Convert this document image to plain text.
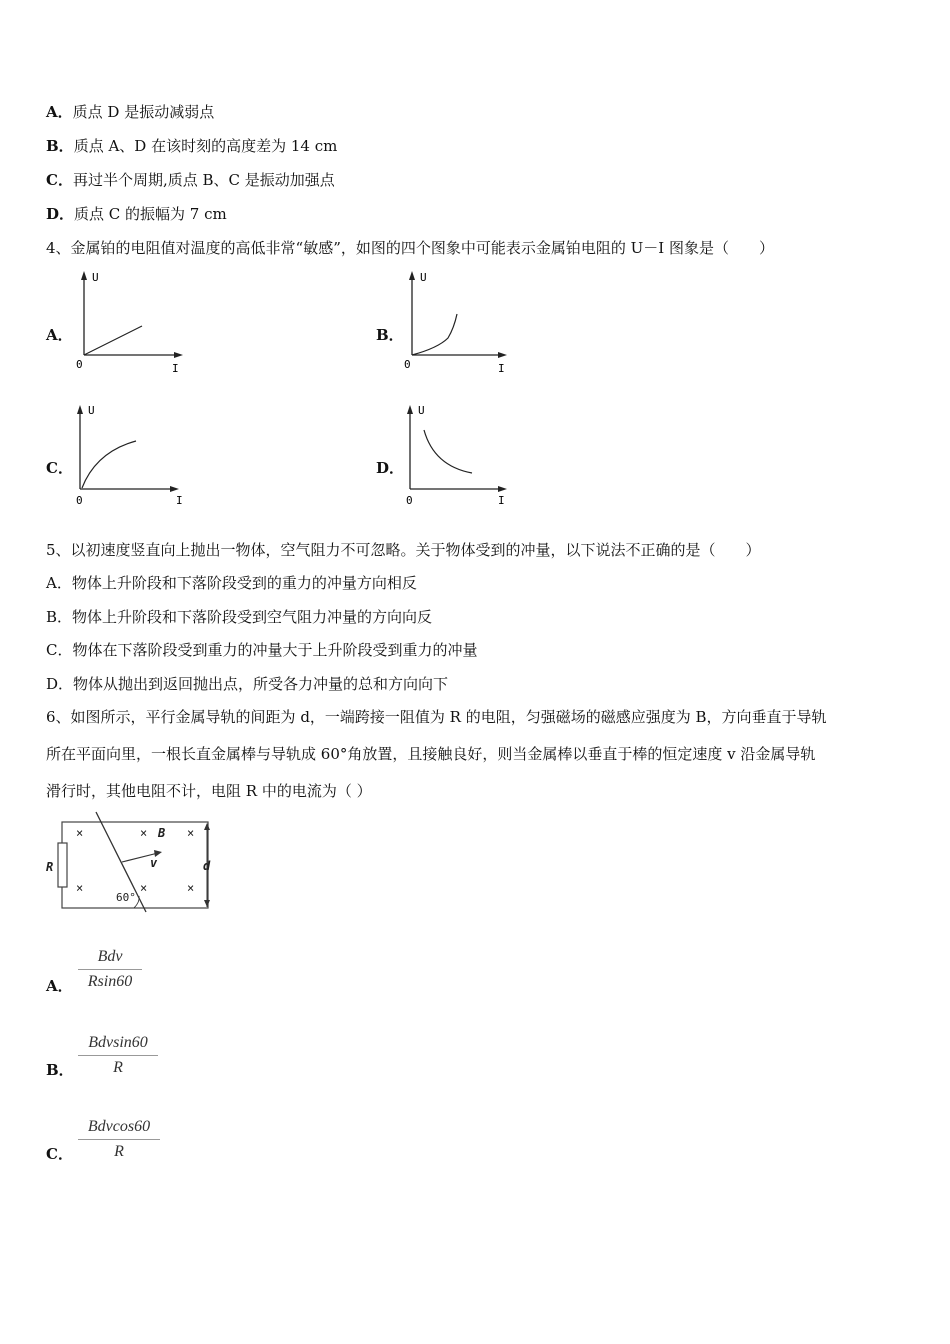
A．质点 D 是振动减弱点
B．质点 A、D 在该时刻的高度差为 14 cm
C．再过半个周期,质点 B、C 是振动加强点
D．质点 C 的振幅为 7 cm
4、金属铂的电阻值对温度的高低非常“敏感”，如图的四个图象中可能表示金属铂电阻的 U－I 图象是（　　）
A．	B．
C．	D．
U
I
0
U
I
0
U
I
0
U
I
0
5、以初速度竖直向上抛出一物体，空气阻力不可忽略。关于物体受到的冲量，以下说法不正确的是（　　）
A．物体上升阶段和下落阶段受到的重力的冲量方向相反
B．物体上升阶段和下落阶段受到空气阻力冲量的方向向反
C．物体在下落阶段受到重力的冲量大于上升阶段受到重力的冲量
D．物体从抛出到返回抛出点，所受各力冲量的总和方向向下
6、如图所示，平行金属导轨的间距为 d，一端跨接一阻值为 R 的电阻，匀强磁场的磁感应强度为 B，方向垂直于导轨
所在平面向里，一根长直金属棒与导轨成 60°角放置，且接触良好，则当金属棒以垂直于棒的恒定速度 v 沿金属导轨
滑行时，其他电阻不计，电阻 R 中的电流为（ ）
R
×	×	×
×	×	×
B
v	d
60°
A．
Bdv
Rsin60
B．
Bdvsin60
R
C．
Bdvcos60
R
